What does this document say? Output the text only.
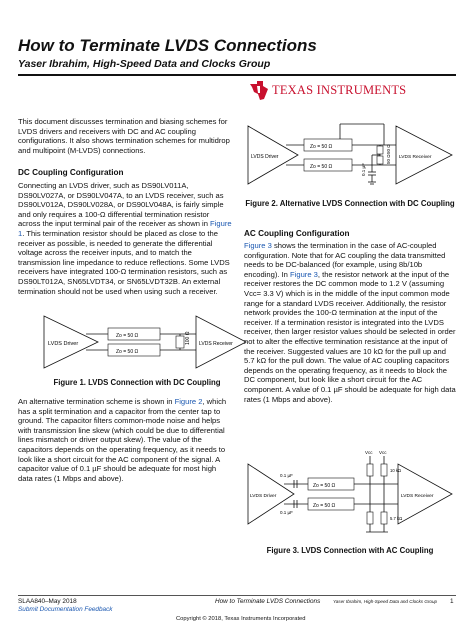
How to Terminate LVDS Connections
Yaser Ibrahim, High-Speed Data and Clocks Group
TEXAS INSTRUMENTS

This document discusses termination and biasing schemes for LVDS drivers and receivers with DC and AC coupling configurations. It also shows termination schemes for multidrop and multipoint (M-LVDS) connections.

DC Coupling Configuration

Connecting an LVDS driver, such as DS90LV011A, DS90LV027A, or DS90LV047A, to an LVDS receiver, such as DS90LV012A, DS90LV028A, or DS90LV048A, is fairly simple and only requires a 100-Ω differential termination resistor across the input terminal pair of the receiver as shown in Figure 1. This termination resistor should be placed as close to the receiver as possible, is needed to generate the differential voltage across the receiver inputs, and to match the transmission line impedance to reduce reflections. Some LVDS receivers have integrated 100-Ω termination resistors, such as DS90LT012A, SN65LVDT34, or SN65LVDT32B. An external termination should not be used when using such a receiver.

LVDS Driver
Zo = 50 Ω
Zo = 50 Ω
100 Ω LVDS Receiver
Figure 1. LVDS Connection with DC Coupling

An alternative termination scheme is shown in Figure 2, which has a split termination and a capacitor from the center tap to ground. The capacitor filters common-mode noise and helps with transmission line skew (which could be due to differential lines mismatch or driver output skew). The value of the capacitors depends on the operating frequency, as it needs to look like a short circuit for the AC component of the signal. A capacitor value of 0.1 µF should be adequate for most high data rates (1 Mbps and above).

LVDS Driver
Zo = 50 Ω
Zo = 50 Ω
50 Ω
50 Ω
0.1 µF
LVDS Receiver
Figure 2. Alternative LVDS Connection with DC Coupling
AC Coupling Configuration

Figure 3 shows the termination in the case of AC-coupled configuration. Note that for AC coupling the data transmitted needs to be DC-balanced (for example, using 8b/10b encoding). In Figure 3, the resistor network at the input of the receiver restores the DC common mode to 1.2 V (assuming Vcc= 3.3 V) which is in the middle of the input common mode range for a standard LVDS receiver. Additionally, the resistor network provides the 100-Ω termination at the input of the receiver. If a termination resistor is integrated into the LVDS receiver, then larger resistor values should be selected in order not to alter the effective termination resistance at the input of the receiver. Suggested values are 10 kΩ for the pull up and 5.7 kΩ for the pull down. The value of AC coupling capacitors depends on the operating frequency, as it needs to block the DC component, but look like a short circuit for the AC component. A value of 0.1 µF should be adequate for high data rates (1 Mbps and above).

LVDS Driver
0.1 µF
0.1 µF
Zo = 50 Ω
Zo = 50 Ω
Vcc Vcc
10 kΩ
5.7 kΩ
LVDS Receiver
Figure 3. LVDS Connection with AC Coupling
SLAA840–May 2018
Submit Documentation Feedback
How to Terminate LVDS Connections	Yaser Ibrahim, High-Speed Data and Clocks Group 1
Copyright © 2018, Texas Instruments Incorporated
